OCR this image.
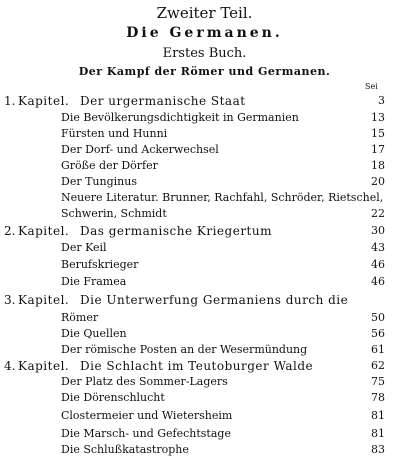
Zweiter Teil.
Die Germanen.
Erstes Buch.
Der Kampf der Römer und Germanen.
Sei
1. Kapitel. Der urgermanische Staat	3
Die Bevölkerungsdichtigkeit in Germanien	13
Fürsten und Hunni	15
Der Dorf- und Ackerwechsel	17
Größe der Dörfer	18
Der Tunginus	20
Neuere Literatur. Brunner, Rachfahl, Schröder, Rietschel,
Schwerin, Schmidt	22
2. Kapitel. Das germanische Kriegertum	30
Der Keil	43
Berufskrieger	46
Die Framea	46
3. Kapitel. Die Unterwerfung Germaniens durch die
Römer	50
Die Quellen	56
Der römische Posten an der Wesermündung	61
4. Kapitel. Die Schlacht im Teutoburger Walde	62
Der Platz des Sommer-Lagers	75
Die Dörenschlucht	78
Clostermeier und Wietersheim	81
Die Marsch- und Gefechtstage	81
Die Schlußkatastrophe	83
